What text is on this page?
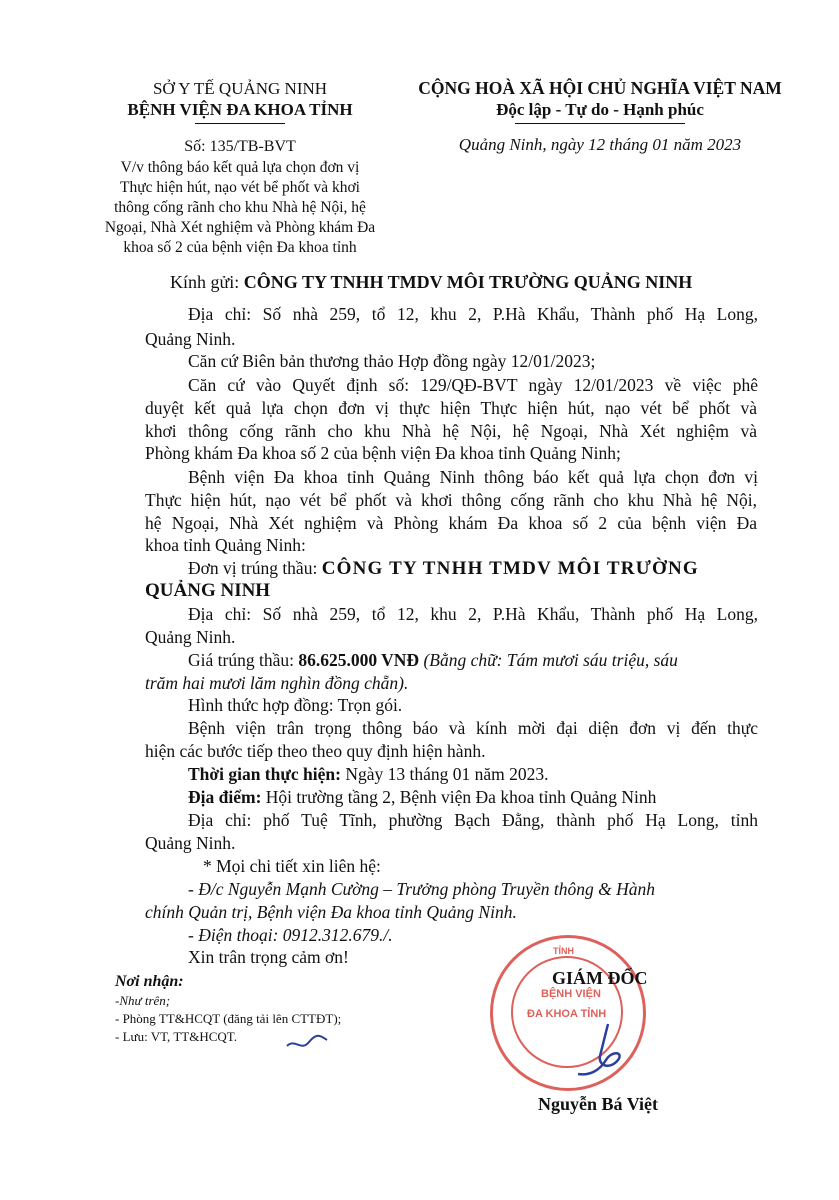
SỞ Y TẾ QUẢNG NINH
BỆNH VIỆN ĐA KHOA TỈNH
Số: 135/TB-BVT
V/v thông báo kết quả lựa chọn đơn vị
Thực hiện hút, nạo vét bể phốt và khơi
thông cống rãnh cho khu Nhà hệ Nội, hệ
Ngoại, Nhà Xét nghiệm và Phòng khám Đa
khoa số 2 của bệnh viện Đa khoa tỉnh
CỘNG HOÀ XÃ HỘI CHỦ NGHĨA VIỆT NAM
Độc lập - Tự do - Hạnh phúc
Quảng Ninh, ngày 12 tháng 01 năm 2023
Kính gửi: CÔNG TY TNHH TMDV MÔI TRƯỜNG QUẢNG NINH
Địa chỉ: Số nhà 259, tổ 12, khu 2, P.Hà Khẩu, Thành phố Hạ Long,
Quảng Ninh.
Căn cứ Biên bản thương thảo Hợp đồng ngày 12/01/2023;
Căn cứ vào Quyết định số: 129/QĐ-BVT ngày 12/01/2023 về việc phê
duyệt kết quả lựa chọn đơn vị thực hiện Thực hiện hút, nạo vét bể phốt và
khơi thông cống rãnh cho khu Nhà hệ Nội, hệ Ngoại, Nhà Xét nghiệm và
Phòng khám Đa khoa số 2 của bệnh viện Đa khoa tỉnh Quảng Ninh;
Bệnh viện Đa khoa tỉnh Quảng Ninh thông báo kết quả lựa chọn đơn vị
Thực hiện hút, nạo vét bể phốt và khơi thông cống rãnh cho khu Nhà hệ Nội,
hệ Ngoại, Nhà Xét nghiệm và Phòng khám Đa khoa số 2 của bệnh viện Đa
khoa tỉnh Quảng Ninh:
Đơn vị trúng thầu: CÔNG TY TNHH TMDV MÔI TRƯỜNG
QUẢNG NINH
Địa chỉ: Số nhà 259, tổ 12, khu 2, P.Hà Khẩu, Thành phố Hạ Long,
Quảng Ninh.
Giá trúng thầu: 86.625.000 VNĐ (Bằng chữ: Tám mươi sáu triệu, sáu
trăm hai mươi lăm nghìn đồng chẵn).
Hình thức hợp đồng: Trọn gói.
Bệnh viện trân trọng thông báo và kính mời đại diện đơn vị đến thực
hiện các bước tiếp theo theo quy định hiện hành.
Thời gian thực hiện: Ngày 13 tháng 01 năm 2023.
Địa điểm: Hội trường tầng 2, Bệnh viện Đa khoa tỉnh Quảng Ninh
Địa chỉ: phố Tuệ Tĩnh, phường Bạch Đằng, thành phố Hạ Long, tỉnh
Quảng Ninh.
* Mọi chi tiết xin liên hệ:
- Đ/c Nguyễn Mạnh Cường – Trưởng phòng Truyền thông & Hành
chính Quản trị, Bệnh viện Đa khoa tỉnh Quảng Ninh.
- Điện thoại: 0912.312.679./.
Xin trân trọng cảm ơn!
Nơi nhận:
-Như trên;
- Phòng TT&HCQT (đăng tải lên CTTĐT);
- Lưu: VT, TT&HCQT.
BỆNH VIỆN
ĐA KHOA TỈNH
TỈNH
GIÁM ĐỐC
Nguyễn Bá Việt
